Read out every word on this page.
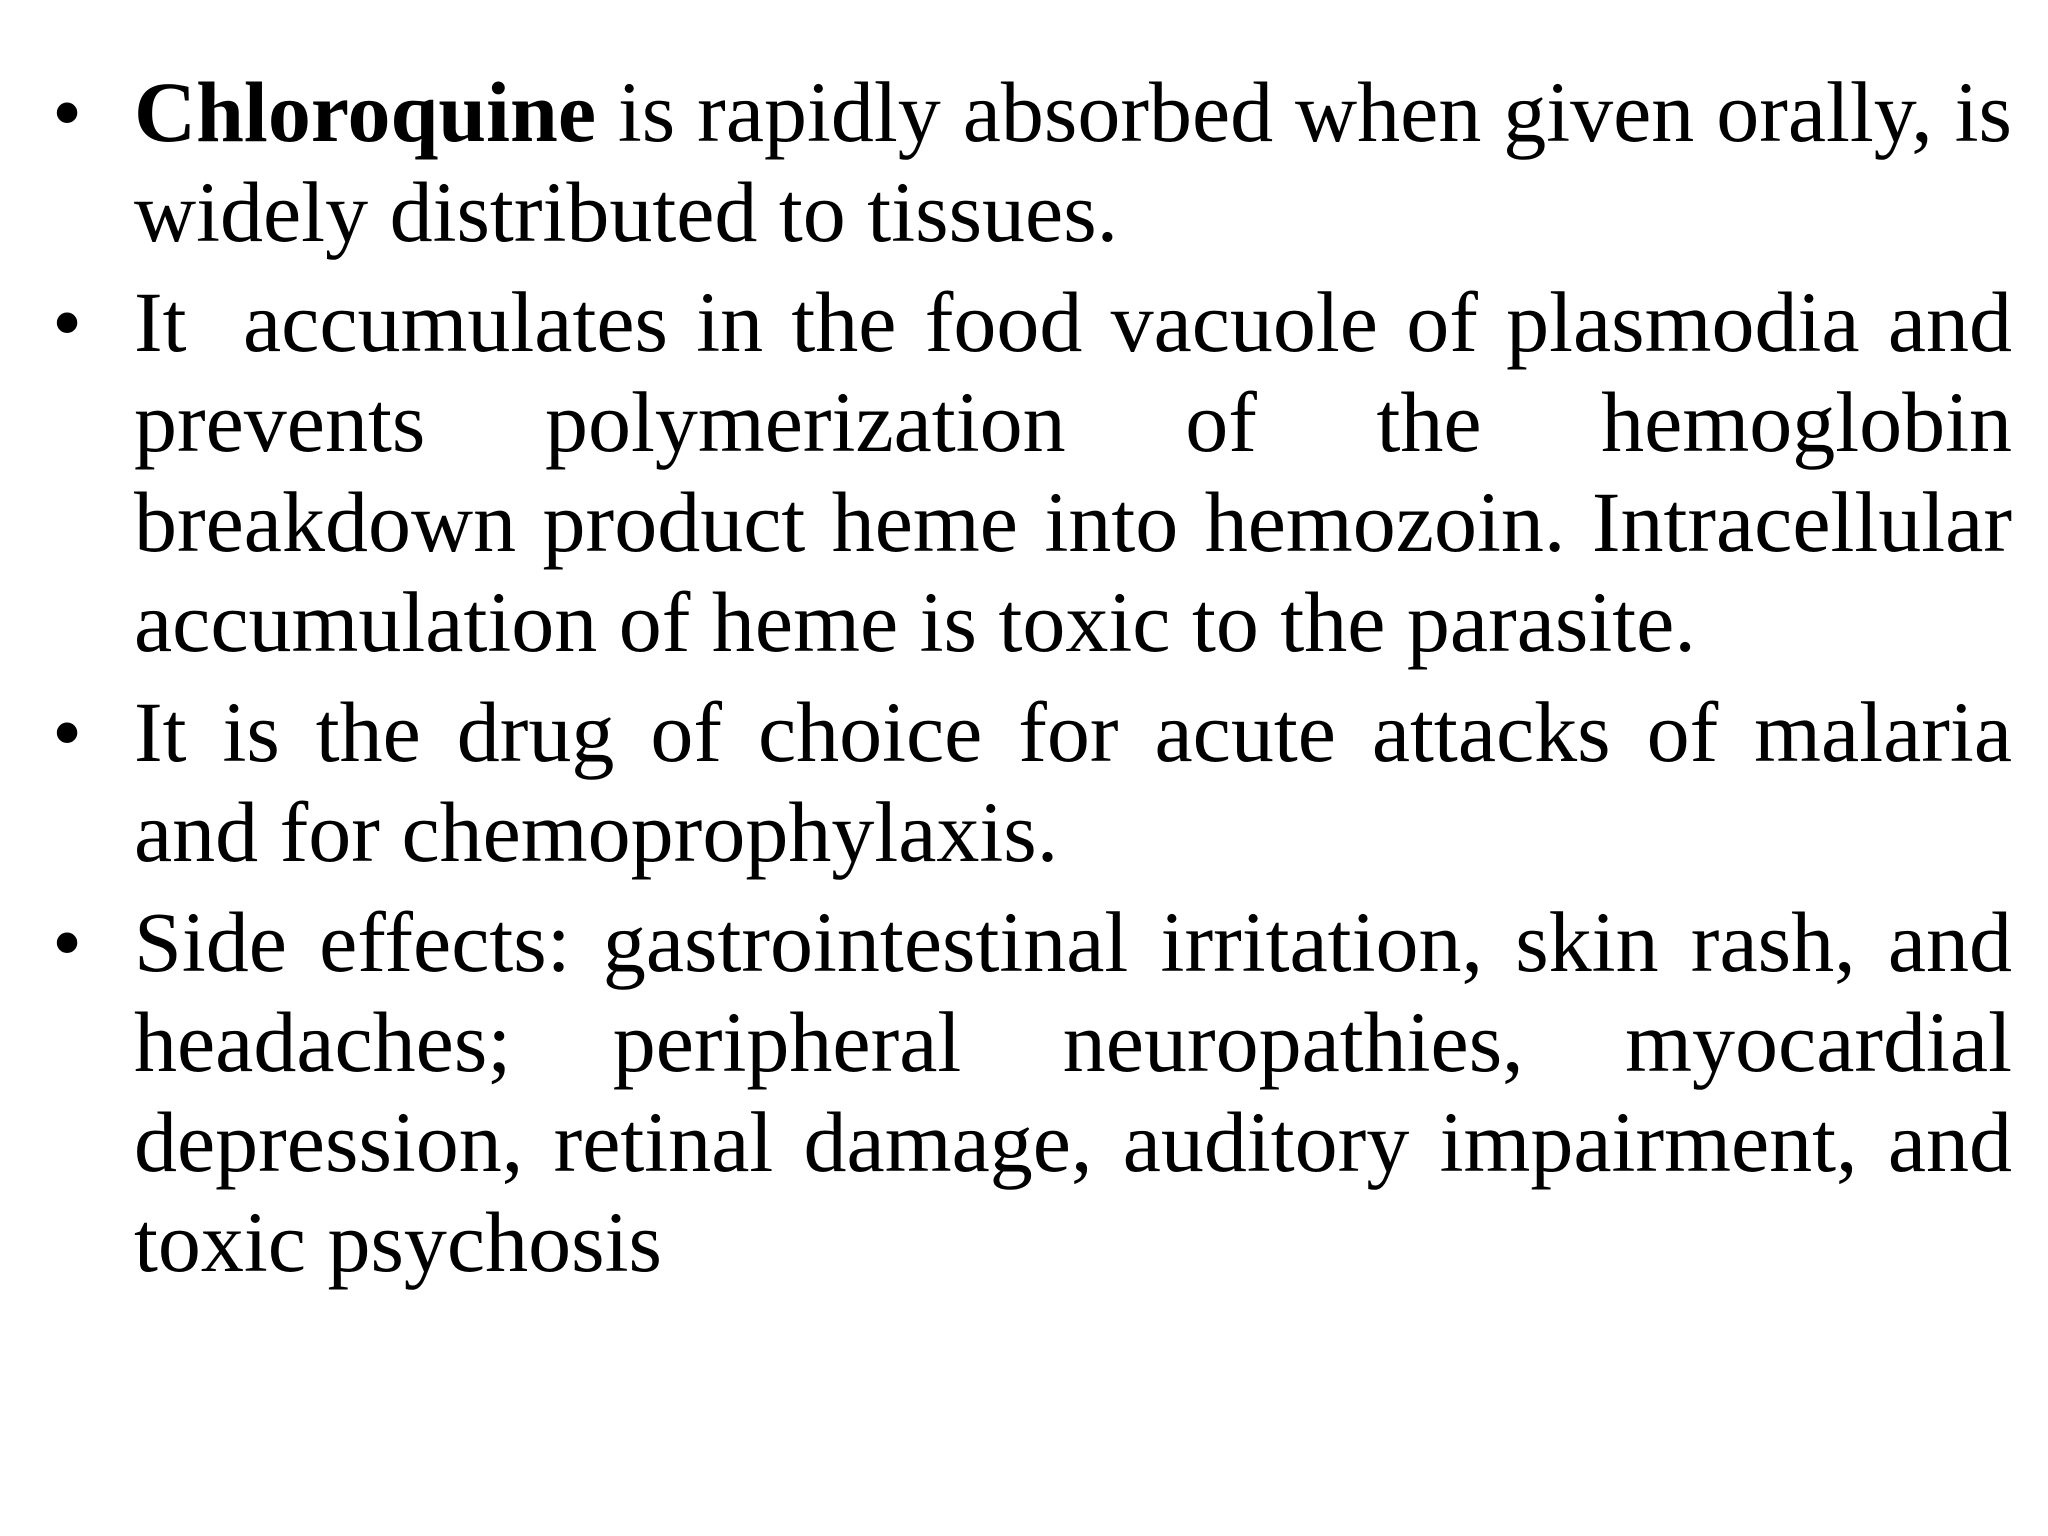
• Chloroquine is rapidly absorbed when given orally, is widely distributed to tissues.
• It  accumulates in the food vacuole of plasmodia and prevents polymerization of the hemoglobin breakdown product heme into hemozoin. Intracellular accumulation of heme is toxic to the parasite.
• It is the drug of choice for acute attacks of malaria and for chemoprophylaxis.
• Side effects: gastrointestinal irritation, skin rash, and headaches; peripheral neuropathies, myocardial depression, retinal damage, auditory impairment, and toxic psychosis
